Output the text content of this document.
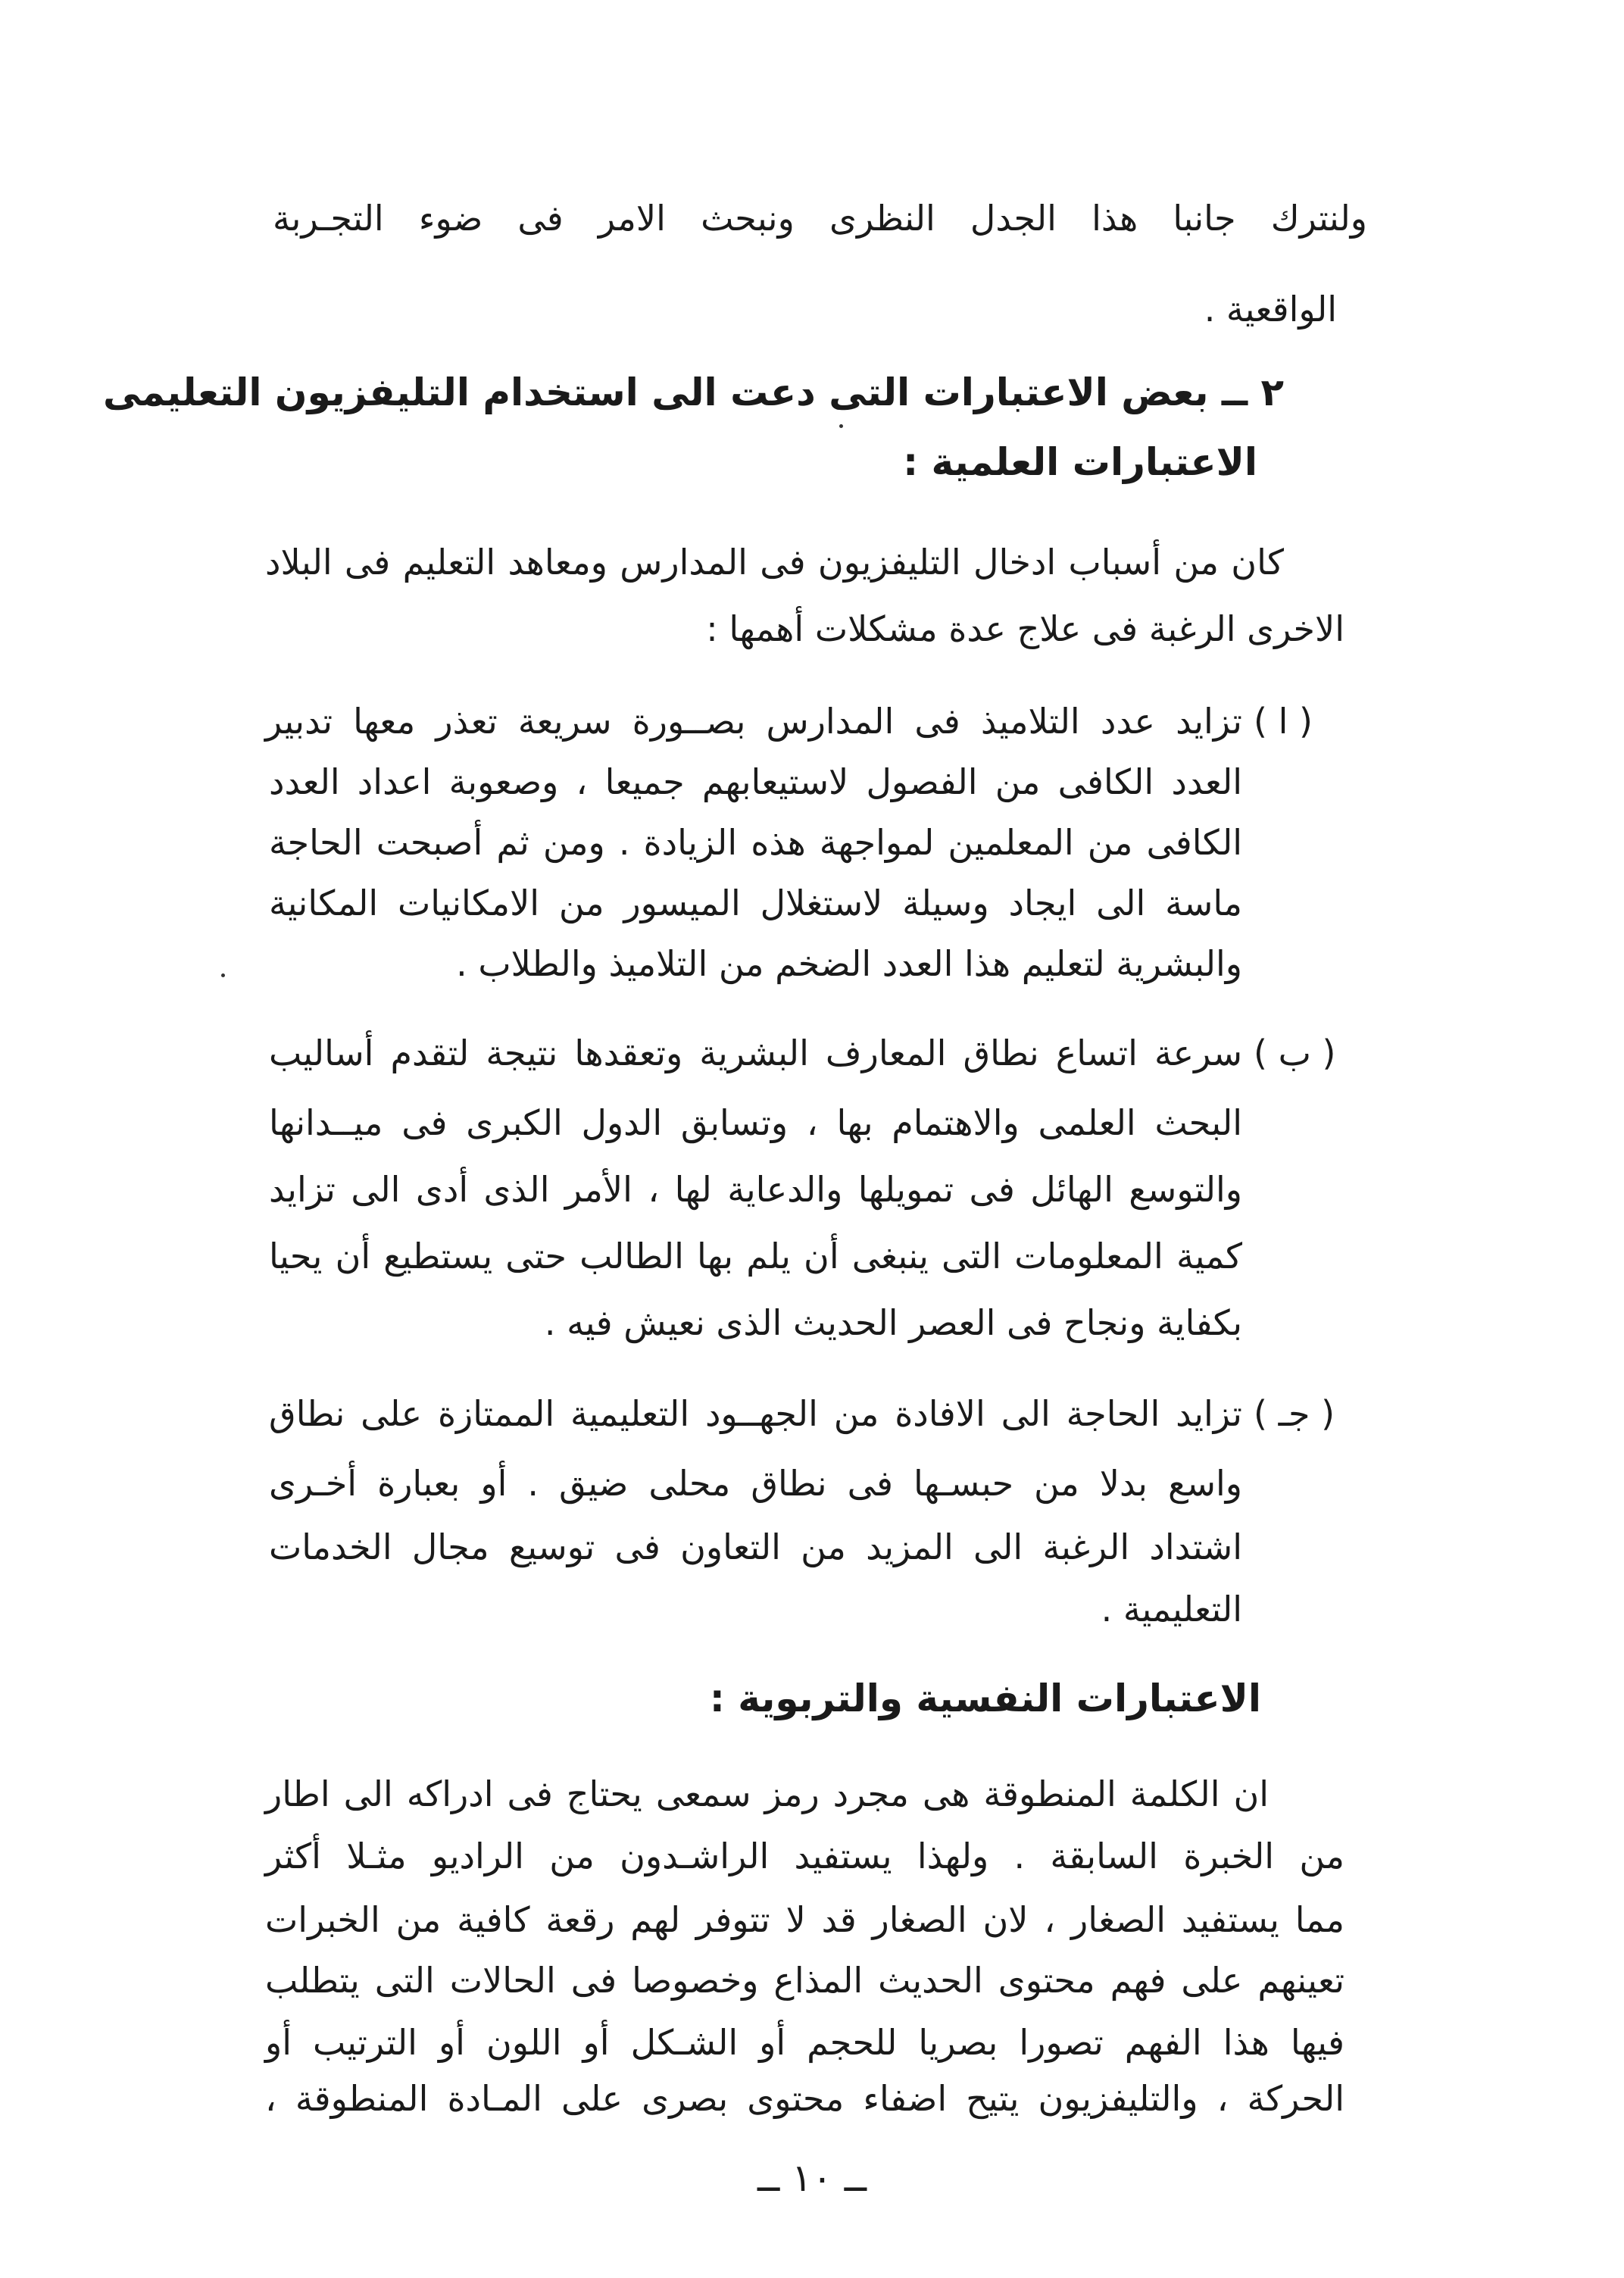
ولنترك جانبا هذا الجدل النظرى ونبحث الامر فى ضوء التجـربة
الواقعية .
٢ ــ بعض الاعتبارات التى دعت الى استخدام التليفزيون التعليمى
الاعتبارات العلمية :
كان من أسباب ادخال التليفزيون فى المدارس ومعاهد التعليم فى البلاد
الاخرى الرغبة فى علاج عدة مشكلات أهمها :
( ا )
تزايد عدد التلاميذ فى المدارس بصــورة سريعة تعذر معها تدبير
العدد الكافى من الفصول لاستيعابهم جميعا ، وصعوبة اعداد العدد
الكافى من المعلمين لمواجهة هذه الزيادة . ومن ثم أصبحت الحاجة
ماسة الى ايجاد وسيلة لاستغلال الميسور من الامكانيات المكانية
والبشرية لتعليم هذا العدد الضخم من التلاميذ والطلاب .
( ب )
سرعة اتساع نطاق المعارف البشرية وتعقدها نتيجة لتقدم أساليب
البحث العلمى والاهتمام بها ، وتسابق الدول الكبرى فى ميــدانها
والتوسع الهائل فى تمويلها والدعاية لها ، الأمر الذى أدى الى تزايد
كمية المعلومات التى ينبغى أن يلم بها الطالب حتى يستطيع أن يحيا
بكفاية ونجاح فى العصر الحديث الذى نعيش فيه .
( جـ )
تزايد الحاجة الى الافادة من الجهــود التعليمية الممتازة على نطاق
واسع بدلا من حبسـها فى نطاق محلى ضيق . أو بعبارة أخـرى
اشتداد الرغبة الى المزيد من التعاون فى توسيع مجال الخدمات
التعليمية .
الاعتبارات النفسية والتربوية :
ان الكلمة المنطوقة هى مجرد رمز سمعى يحتاج فى ادراكه الى اطار
من الخبرة السابقة . ولهذا يستفيد الراشـدون من الراديو مثـلا أكثر
مما يستفيد الصغار ، لان الصغار قد لا تتوفر لهم رقعة كافية من الخبرات
تعينهم على فهم محتوى الحديث المذاع وخصوصا فى الحالات التى يتطلب
فيها هذا الفهم تصورا بصريا للحجم أو الشـكل أو اللون أو الترتيب أو
الحركة ، والتليفزيون يتيح اضفاء محتوى بصرى على المـادة المنطوقة ،
ــ ١٠ ــ
